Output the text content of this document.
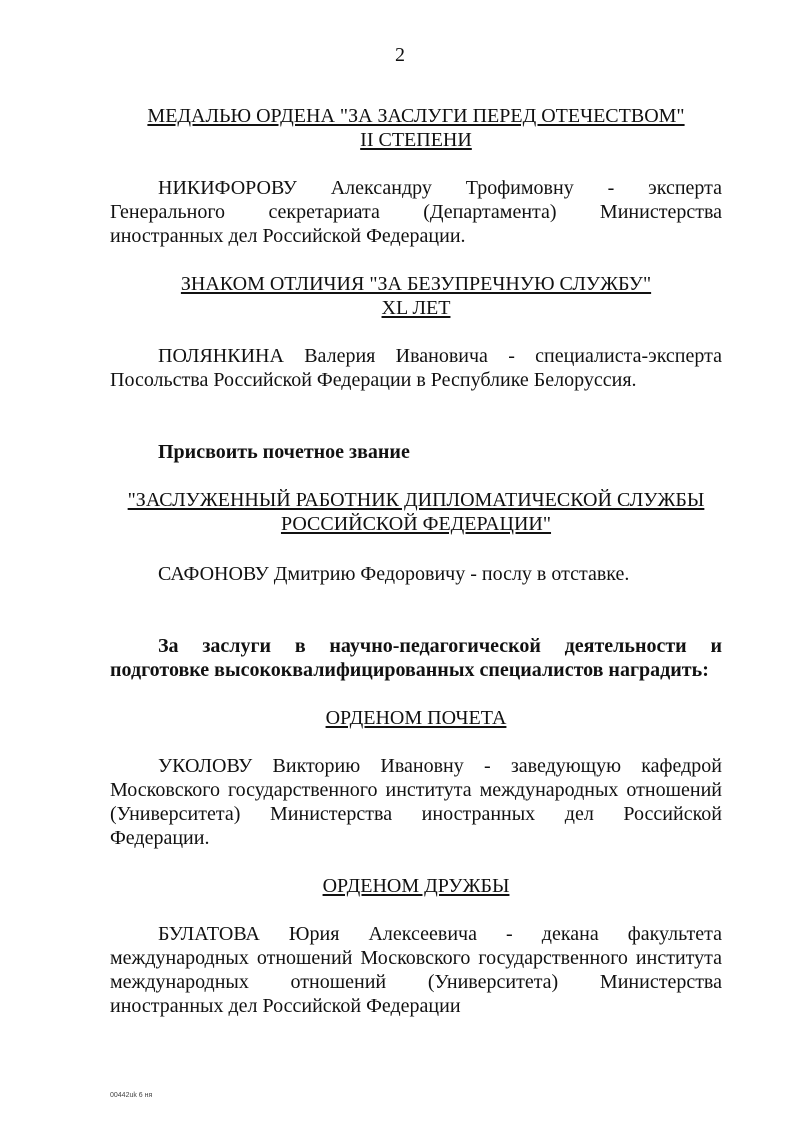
2
МЕДАЛЬЮ ОРДЕНА "ЗА ЗАСЛУГИ ПЕРЕД ОТЕЧЕСТВОМ"
II СТЕПЕНИ
НИКИФОРОВУ Александру Трофимовну - эксперта Генерального секретариата (Департамента) Министерства иностранных дел Российской Федерации.
ЗНАКОМ ОТЛИЧИЯ "ЗА БЕЗУПРЕЧНУЮ СЛУЖБУ"
XL ЛЕТ
ПОЛЯНКИНА Валерия Ивановича - специалиста-эксперта Посольства Российской Федерации в Республике Белоруссия.
Присвоить почетное звание
"ЗАСЛУЖЕННЫЙ РАБОТНИК ДИПЛОМАТИЧЕСКОЙ СЛУЖБЫ
РОССИЙСКОЙ ФЕДЕРАЦИИ"
САФОНОВУ Дмитрию Федоровичу - послу в отставке.
За заслуги в научно-педагогической деятельности и подготовке высококвалифицированных специалистов наградить:
ОРДЕНОМ ПОЧЕТА
УКОЛОВУ Викторию Ивановну - заведующую кафедрой Московского государственного института международных отношений (Университета) Министерства иностранных дел Российской Федерации.
ОРДЕНОМ ДРУЖБЫ
БУЛАТОВА Юрия Алексеевича - декана факультета международных отношений Московского государственного института международных отношений (Университета) Министерства иностранных дел Российской Федерации
00442uk 6 ня
